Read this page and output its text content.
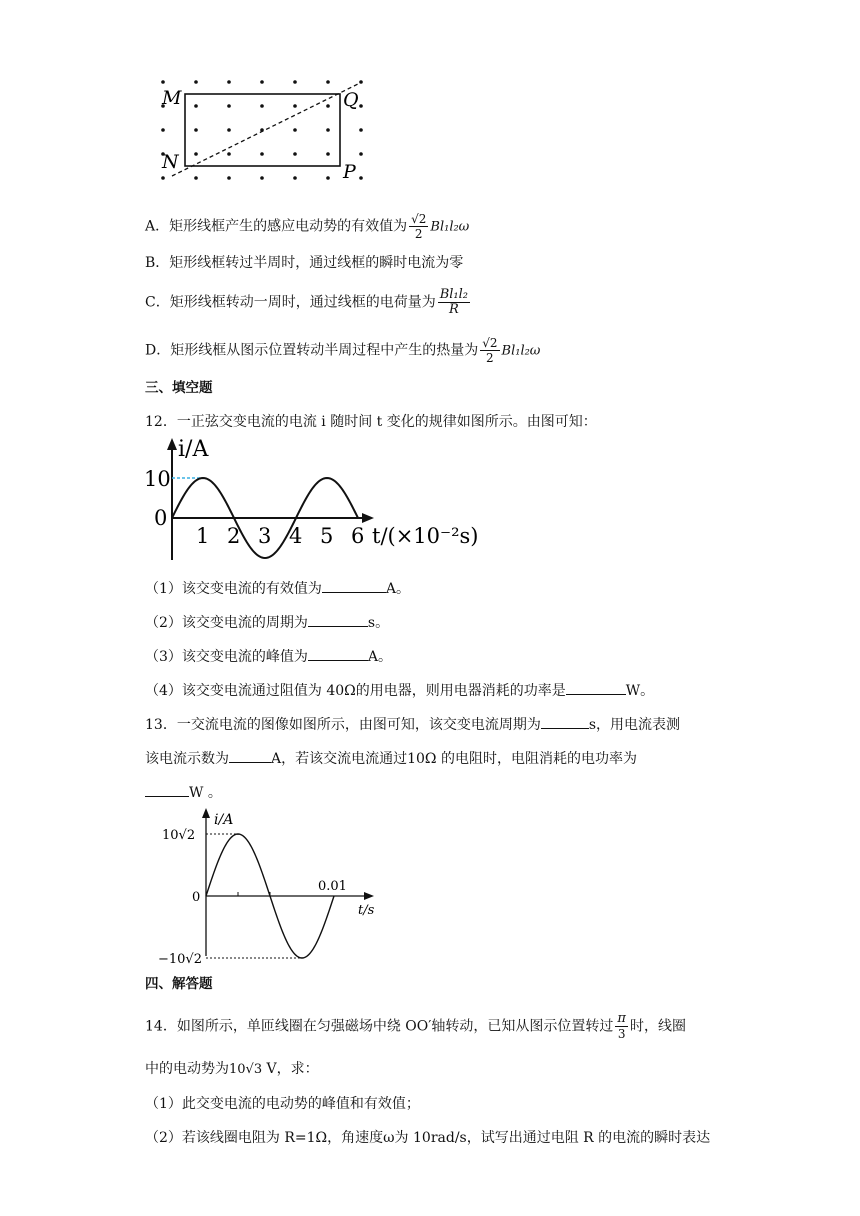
M
N
Q
P
A．矩形线框产生的感应电动势的有效值为 $\frac{√2}{2} Bl_1l_2\omega$
B．矩形线框转过半周时，通过线框的瞬时电流为零
C．矩形线框转动一周时，通过线框的电荷量为 $\frac{\text{Bl₁l₂}}{R}$
D．矩形线框从图示位置转动半周过程中产生的热量为 $\frac{√2}{2} Bl_1l_2\omega$
三、填空题
12．一正弦交变电流的电流 i 随时间 t 变化的规律如图所示。由图可知：
i/A
10
0
1 2 3 4 5 6 t/(×10⁻²s)
（1）该交变电流的有效值为	A。
（2）该交变电流的周期为	s。
（3）该交变电流的峰值为	A。
（4）该交变电流通过阻值为 40Ω的用电器，则用电器消耗的功率是	W。
13．一交流电流的图像如图所示，由图可知，该交变电流周期为	s，用电流表测
该电流示数为	A，若该交流电流通过10Ω 的电阻时，电阻消耗的电功率为
W 。
i/A
10√2
−10√2
0
0.01
t/s
四、解答题
14．如图所示，单匝线圈在匀强磁场中绕 OO′轴转动，已知从图示位置转过 $\frac{\pi}{3}$ 时，线圈
中的电动势为10√3 V，求：
（1）此交变电流的电动势的峰值和有效值；
（2）若该线圈电阻为 R=1Ω，角速度ω为 10rad/s，试写出通过电阻 R 的电流的瞬时表达
